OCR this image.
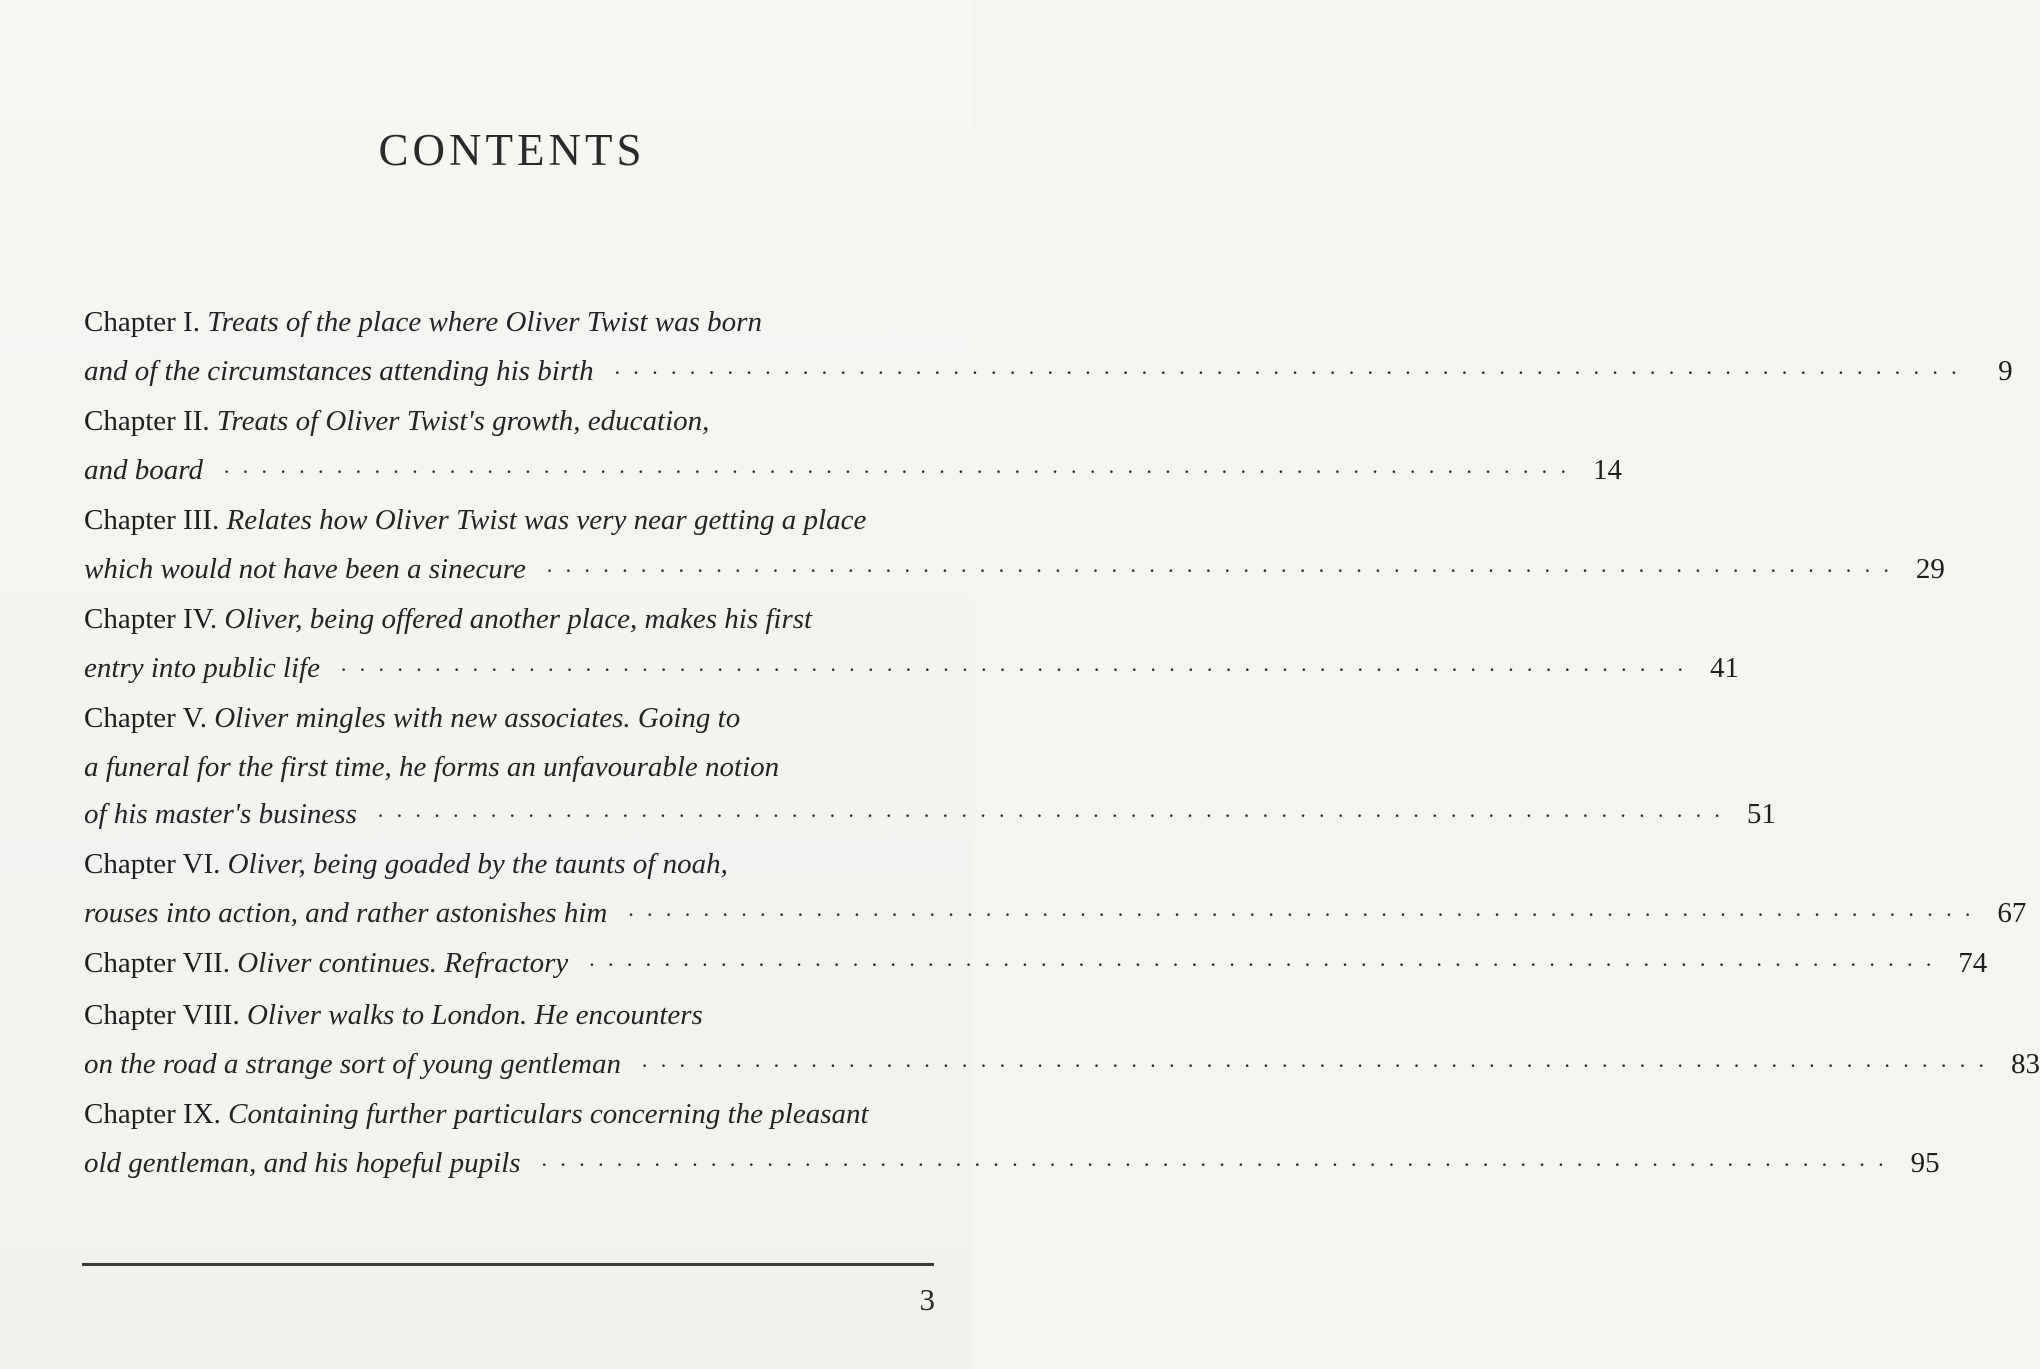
CONTENTS
Chapter I.
Treats of the place where Oliver Twist was born
and of the circumstances attending his birth · · · · · · · · · · · · · · · · · · · · · · · · · · · · · · · · · · · · · · · · · · · · · · · · · · · · · · · · · · · · · · · · · · · · · · · ·	9
Chapter II.
Treats of Oliver Twist's growth, education,
and board · · · · · · · · · · · · · · · · · · · · · · · · · · · · · · · · · · · · · · · · · · · · · · · · · · · · · · · · · · · · · · · · · · · · · · · · 14
Chapter III.
Relates how Oliver Twist was very near getting a place
which would not have been a sinecure · · · · · · · · · · · · · · · · · · · · · · · · · · · · · · · · · · · · · · · · · · · · · · · · · · · · · · · · · · · · · · · · · · · · · · · · 29
Chapter IV.
Oliver, being offered another place, makes his first
entry into public life · · · · · · · · · · · · · · · · · · · · · · · · · · · · · · · · · · · · · · · · · · · · · · · · · · · · · · · · · · · · · · · · · · · · · · · · 41
Chapter V.
Oliver mingles with new associates. Going to
a funeral for the first time, he forms an unfavourable notion
of his master's business · · · · · · · · · · · · · · · · · · · · · · · · · · · · · · · · · · · · · · · · · · · · · · · · · · · · · · · · · · · · · · · · · · · · · · · · 51
Chapter VI.
Oliver, being goaded by the taunts of noah,
rouses into action, and rather astonishes him · · · · · · · · · · · · · · · · · · · · · · · · · · · · · · · · · · · · · · · · · · · · · · · · · · · · · · · · · · · · · · · · · · · · · · · · 67
Chapter VII.
Oliver continues. Refractory · · · · · · · · · · · · · · · · · · · · · · · · · · · · · · · · · · · · · · · · · · · · · · · · · · · · · · · · · · · · · · · · · · · · · · · · 74
Chapter VIII.
Oliver walks to London. He encounters
on the road a strange sort of young gentleman · · · · · · · · · · · · · · · · · · · · · · · · · · · · · · · · · · · · · · · · · · · · · · · · · · · · · · · · · · · · · · · · · · · · · · · · 83
Chapter IX.
Containing further particulars concerning the pleasant
old gentleman, and his hopeful pupils · · · · · · · · · · · · · · · · · · · · · · · · · · · · · · · · · · · · · · · · · · · · · · · · · · · · · · · · · · · · · · · · · · · · · · · · 95
3
